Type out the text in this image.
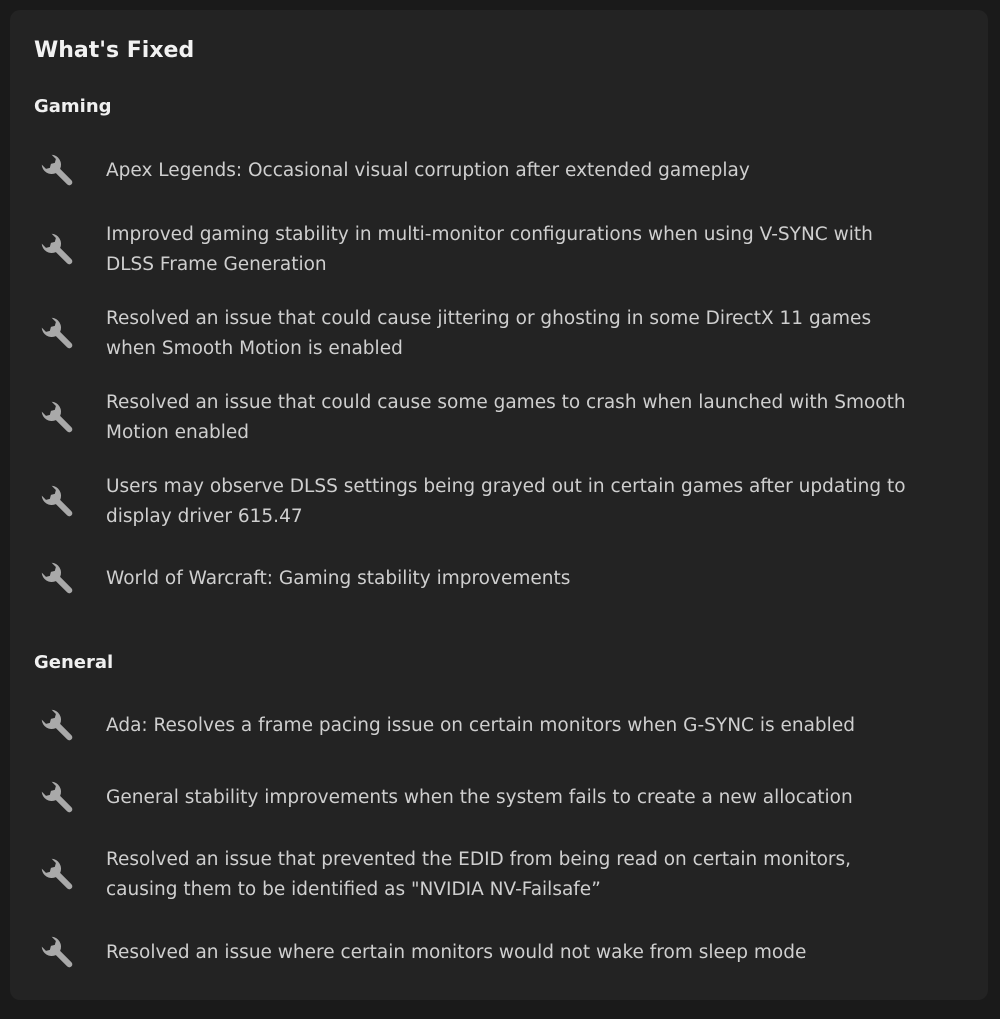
What's Fixed
Gaming
Apex Legends: Occasional visual corruption after extended gameplay
Improved gaming stability in multi-monitor configurations when using V-SYNC with
DLSS Frame Generation
Resolved an issue that could cause jittering or ghosting in some DirectX 11 games
when Smooth Motion is enabled
Resolved an issue that could cause some games to crash when launched with Smooth
Motion enabled
Users may observe DLSS settings being grayed out in certain games after updating to
display driver 615.47
World of Warcraft: Gaming stability improvements
General
Ada: Resolves a frame pacing issue on certain monitors when G-SYNC is enabled
General stability improvements when the system fails to create a new allocation
Resolved an issue that prevented the EDID from being read on certain monitors,
causing them to be identified as "NVIDIA NV-Failsafe”
Resolved an issue where certain monitors would not wake from sleep mode
